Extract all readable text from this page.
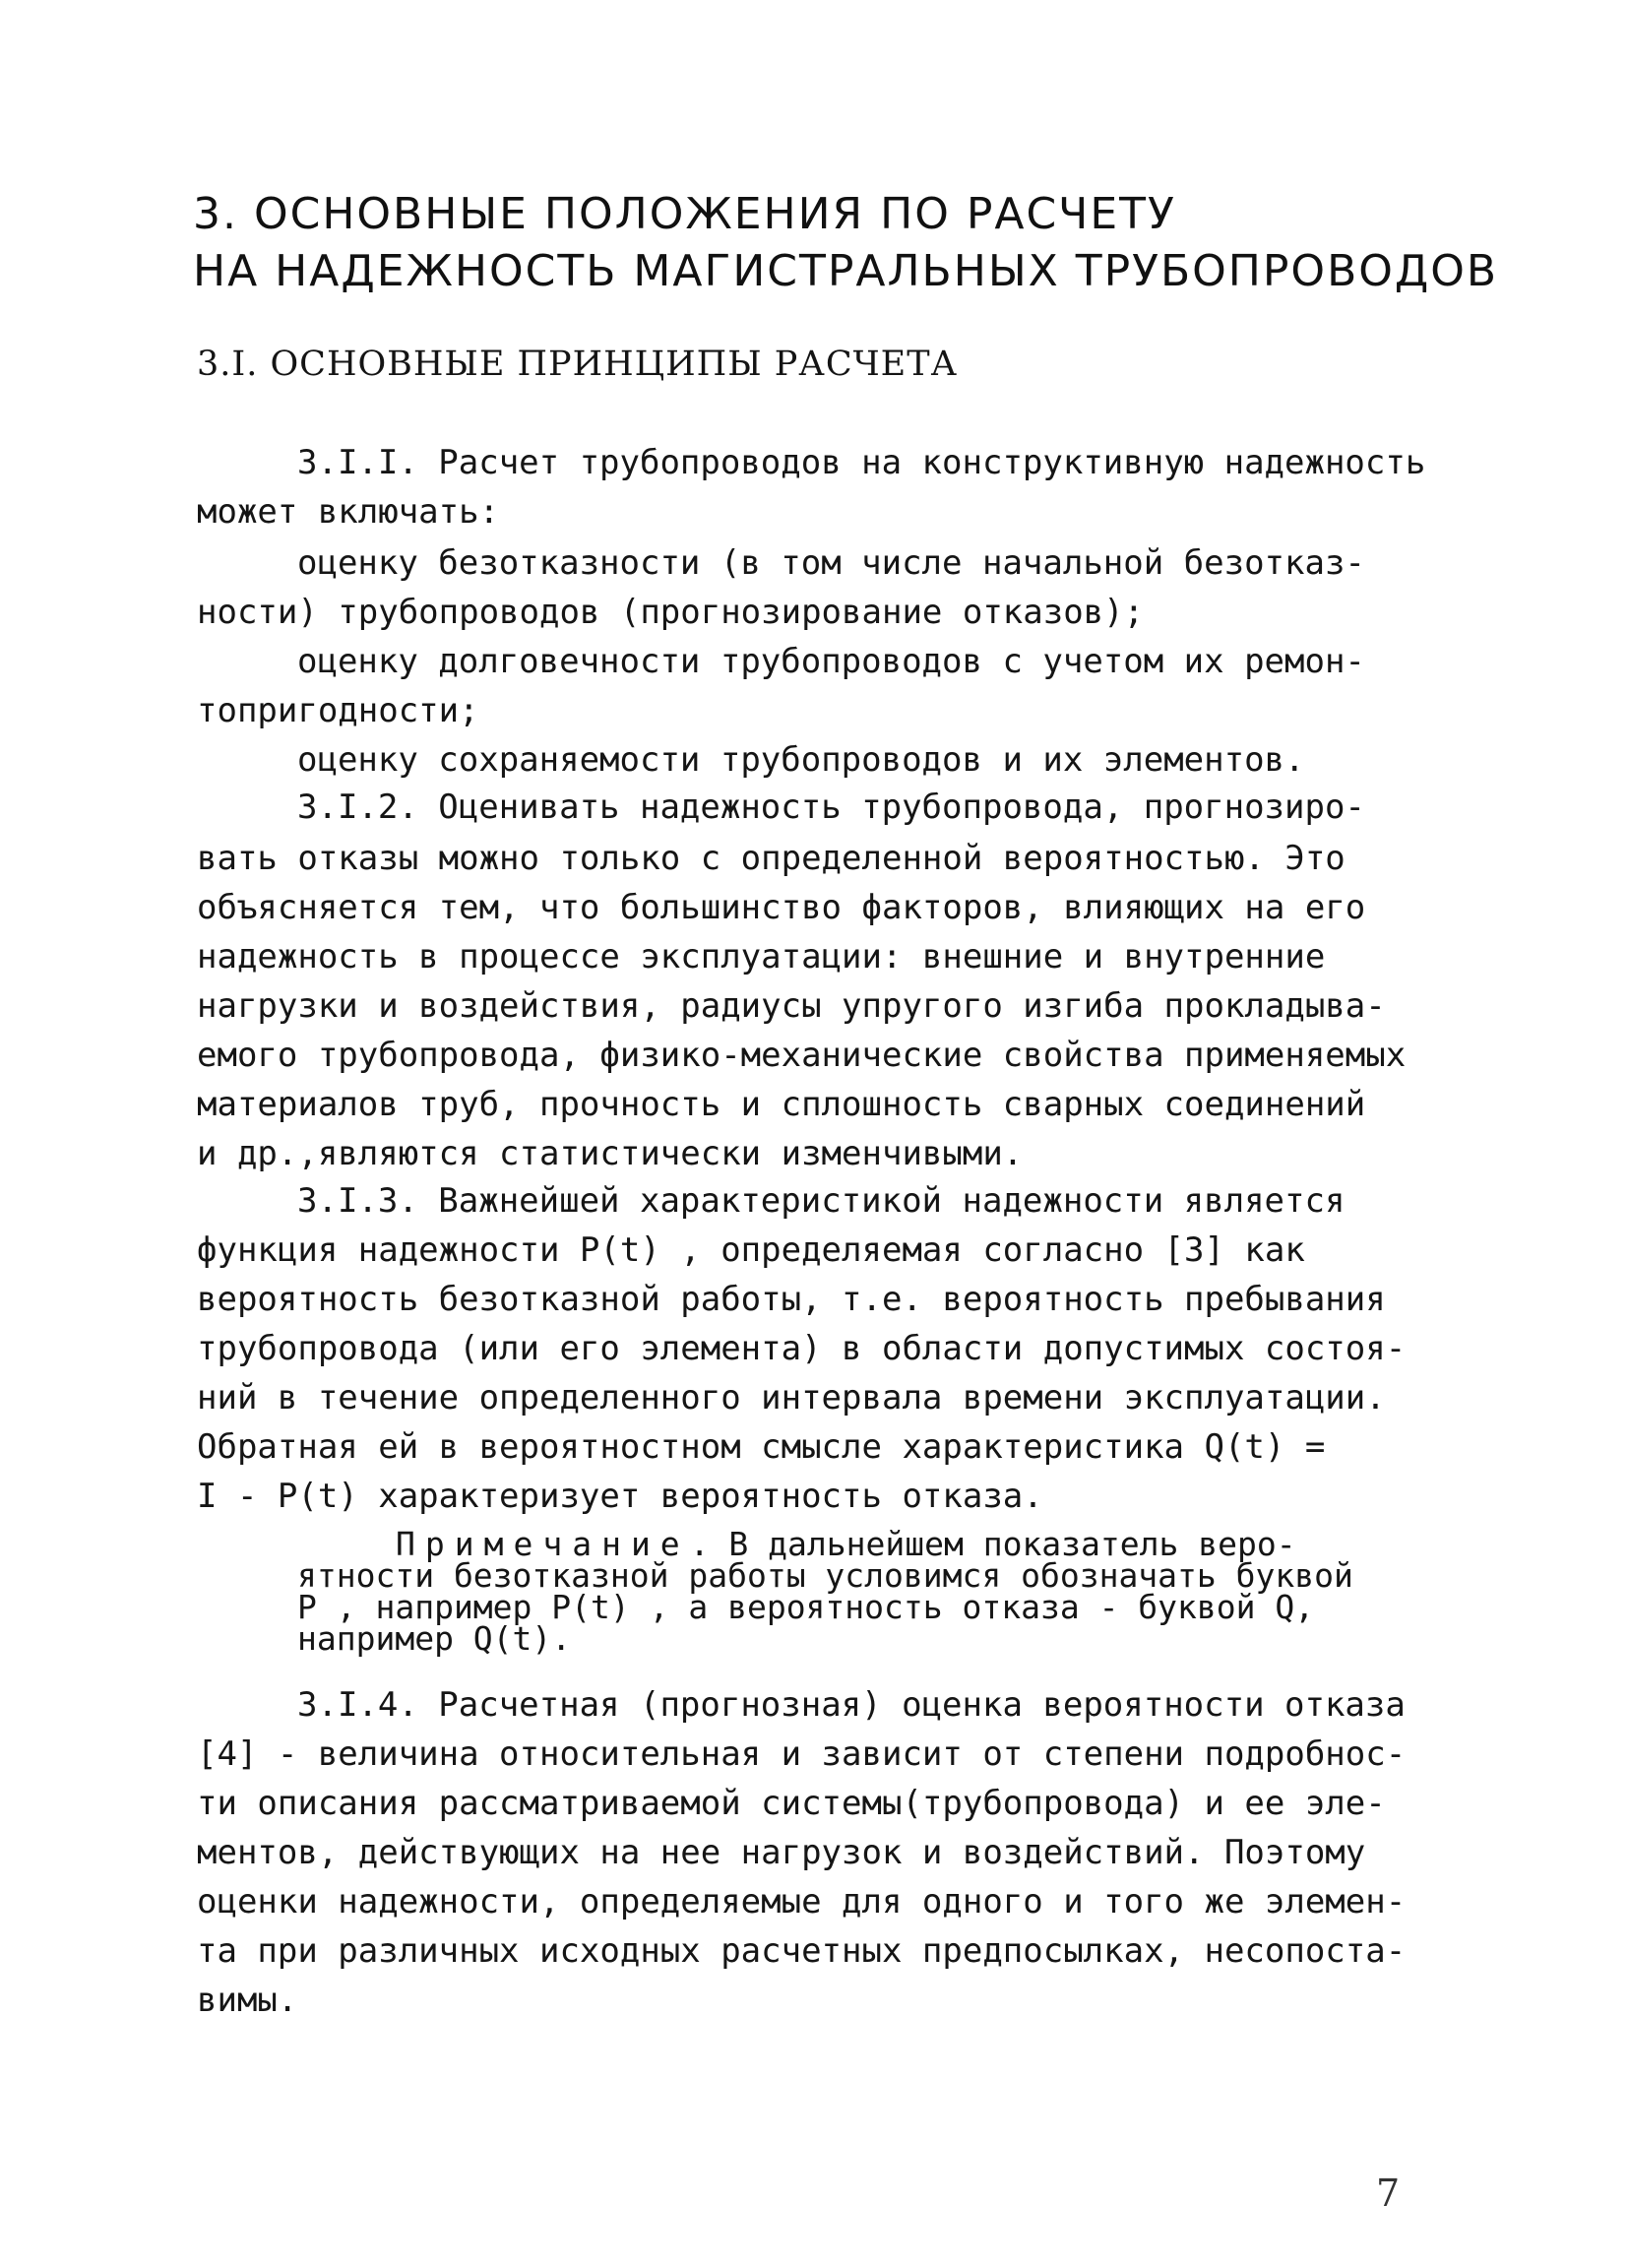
3. ОСНОВНЫЕ ПОЛОЖЕНИЯ ПО РАСЧЕТУ
НА НАДЕЖНОСТЬ МАГИСТРАЛЬНЫХ ТРУБОПРОВОДОВ
3.I. ОСНОВНЫЕ ПРИНЦИПЫ РАСЧЕТА
3.I.I. Расчет трубопроводов на конструктивную надежность
может включать:
оценку безотказности (в том числе начальной безотказ-
ности) трубопроводов (прогнозирование отказов);
оценку долговечности трубопроводов с учетом их ремон-
топригодности;
оценку сохраняемости трубопроводов и их элементов.
3.I.2. Оценивать надежность трубопровода, прогнозиро-
вать отказы можно только с определенной вероятностью. Это
объясняется тем, что большинство факторов, влияющих на его
надежность в процессе эксплуатации: внешние и внутренние
нагрузки и воздействия, радиусы упругого изгиба прокладыва-
емого трубопровода, физико-механические свойства применяемых
материалов труб, прочность и сплошность сварных соединений
и др.,являются статистически изменчивыми.
3.I.3. Важнейшей характеристикой надежности является
функция надежности P(t) , определяемая согласно [3] как
вероятность безотказной работы, т.е. вероятность пребывания
трубопровода (или его элемента) в области допустимых состоя-
ний в течение определенного интервала времени эксплуатации.
Обратная ей в вероятностном смысле характеристика Q(t) =
I - P(t) характеризует вероятность отказа.
Примечание. В дальнейшем показатель веро-
ятности безотказной работы условимся обозначать буквой
P , например P(t) , а вероятность отказа - буквой Q,
например Q(t).
3.I.4. Расчетная (прогнозная) оценка вероятности отказа
[4] - величина относительная и зависит от степени подробнос-
ти описания рассматриваемой системы(трубопровода) и ее эле-
ментов, действующих на нее нагрузок и воздействий. Поэтому
оценки надежности, определяемые для одного и того же элемен-
та при различных исходных расчетных предпосылках, несопоста-
вимы.
7
